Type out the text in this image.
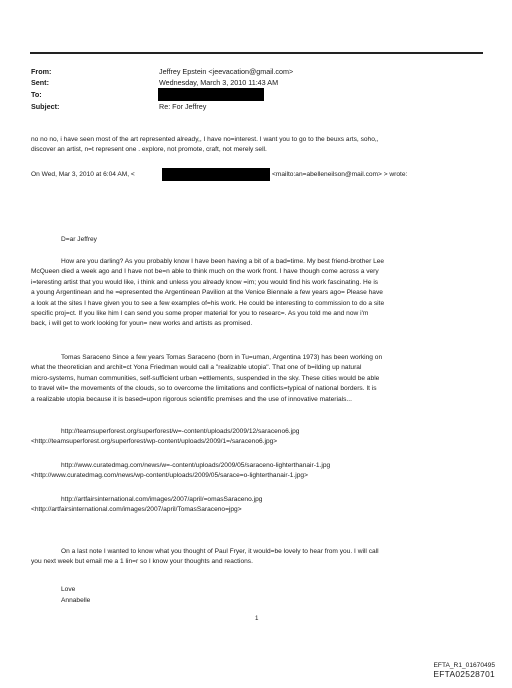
From:	Jeffrey Epstein <jeevacation@gmail.com>
Sent:	Wednesday, March 3, 2010 11:43 AM
To:
Subject:	Re: For Jeffrey
no no no, i have seen most of the art represented already,, I have no=interest. I want you to go to the beuxs arts, soho,,
discover an artist, n=t represent one . explore, not promote, craft, not merely sell.
On Wed, Mar 3, 2010 at 6:04 AM, <	<mailto:an=abelleneilson@mail.com> > wrote:
D=ar Jeffrey
How are you darling? As you probably know I have been having a bit of a bad=time. My best friend-brother Lee
McQueen died a week ago and I have not be=n able to think much on the work front. I have though come across a very
i=teresting artist that you would like, i think and unless you already know =im; you would find his work fascinating. He is
a young Argentinean and he =epresented the Argentinean Pavilion at the Venice Biennale a few years ago= Please have
a look at the sites I have given you to see a few examples of=his work. He could be interesting to commission to do a site
specific proj=ct. If you like him I can send you some proper material for you to researc=. As you told me and now i'm
back, i will get to work looking for youn= new works and artists as promised.
Tomas Saraceno Since a few years Tomas Saraceno (born in Tu=uman, Argentina 1973) has been working on
what the theoretician and archit=ct Yona Friedman would call a "realizable utopia". That one of b=ilding up natural
micro-systems, human communities, self-sufficient urban =ettlements, suspended in the sky. These cities would be able
to travel wit= the movements of the clouds, so to overcome the limitations and conflicts=typical of national borders. It is
a realizable utopia because it is based=upon rigorous scientific premises and the use of innovative materials...
http://teamsuperforest.org/superforest/w=-content/uploads/2009/12/saraceno6.jpg
<http://teamsuperforest.org/superforest/wp-content/uploads/2009/1=/saraceno6.jpg>
http://www.curatedmag.com/news/w=-content/uploads/2009/05/saraceno-lighterthanair-1.jpg
<http://www.curatedmag.com/news/wp-content/uploads/2009/05/sarace=o-lighterthanair-1.jpg>
http://artfairsinternational.com/images/2007/april/=omasSaraceno.jpg
<http://artfairsinternational.com/images/2007/april/TomasSaraceno=jpg>
On a last note I wanted to know what you thought of Paul Fryer, it would=be lovely to hear from you. I will call
you next week but email me a 1 lin=r so I know your thoughts and reactions.
Love
Annabelle
1
EFTA_R1_01670495
EFTA02528701
